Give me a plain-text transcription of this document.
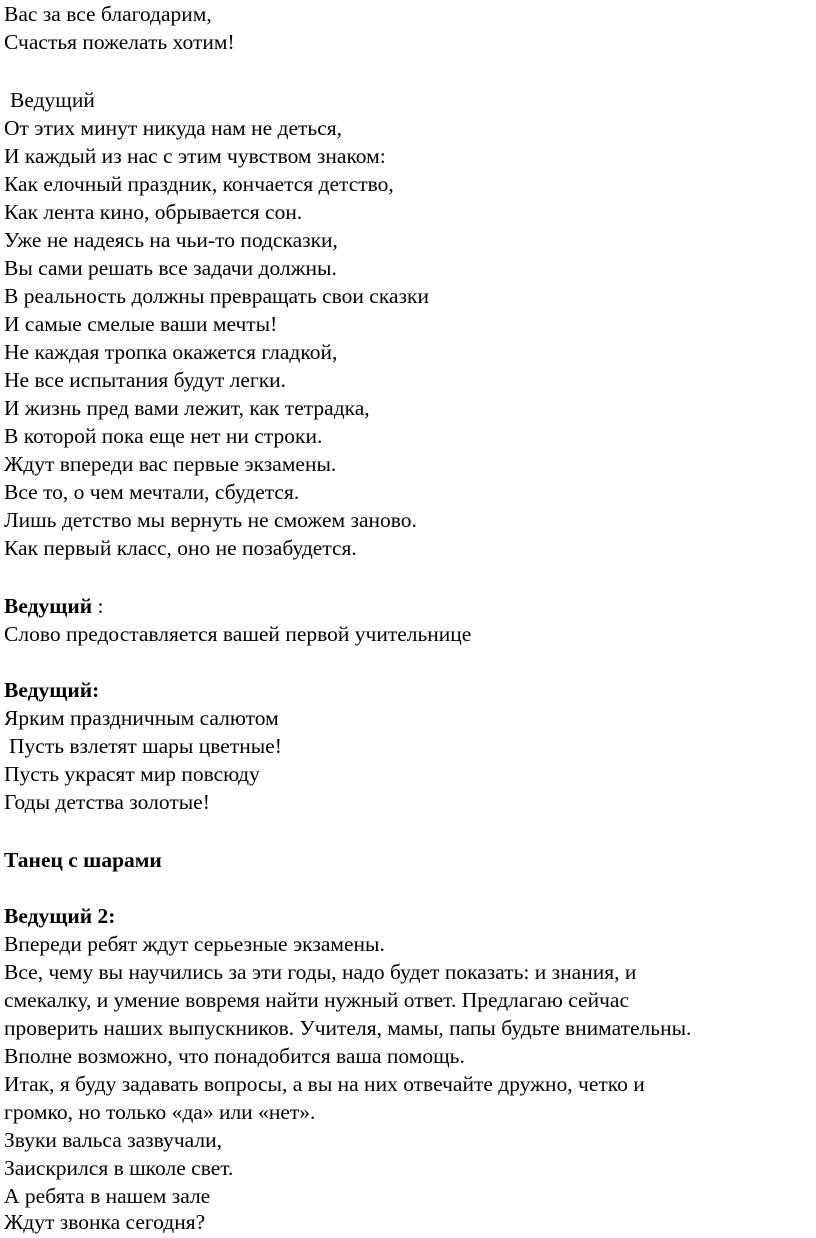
Вас за все благодарим,
Счастья пожелать хотим!
Ведущий
От этих минут никуда нам не деться,
И каждый из нас с этим чувством знаком:
Как елочный праздник, кончается детство,
Как лента кино, обрывается сон.
Уже не надеясь на чьи-то подсказки,
Вы сами решать все задачи должны.
В реальность должны превращать свои сказки
И самые смелые ваши мечты!
Не каждая тропка окажется гладкой,
Не все испытания будут легки.
И жизнь пред вами лежит, как тетрадка,
В которой пока еще нет ни строки.
Ждут впереди вас первые экзамены.
Все то, о чем мечтали, сбудется.
Лишь детство мы вернуть не сможем заново.
Как первый класс, оно не позабудется.
Ведущий :
Слово предоставляется вашей первой учительнице
Ведущий:
Ярким праздничным салютом
Пусть взлетят шары цветные!
Пусть украсят мир повсюду
Годы детства золотые!
Танец с шарами
Ведущий 2:
Впереди ребят ждут серьезные экзамены.
Все, чему вы научились за эти годы, надо будет показать: и знания, и
смекалку, и умение вовремя найти нужный ответ. Предлагаю сейчас
проверить наших выпускников. Учителя, мамы, папы будьте внимательны.
Вполне возможно, что понадобится ваша помощь.
Итак, я буду задавать вопросы, а вы на них отвечайте дружно, четко и
громко, но только «да» или «нет».
Звуки вальса зазвучали,
Заискрился в школе свет.
А ребята в нашем зале
Ждут звонка сегодня?
